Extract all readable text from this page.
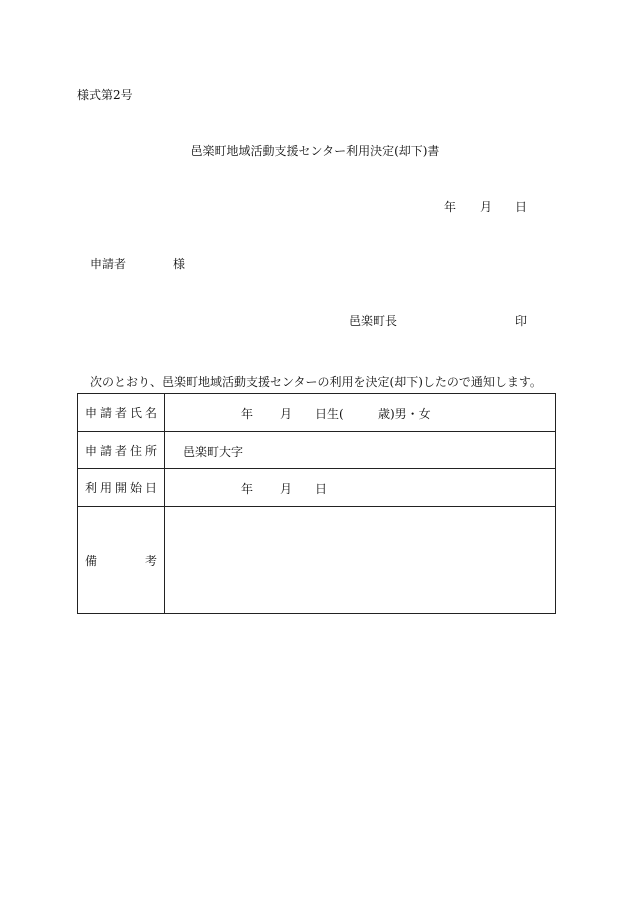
様式第2号
邑楽町地域活動支援センター利用決定(却下)書
年 月 日
申請者	様
邑楽町長	印
次のとおり、邑楽町地域活動支援センターの利用を決定(却下)したので通知します。
申 請 者 氏 名	年 月 日生( 歳)男・女

申 請 者 住 所	邑楽町大字

利 用 開 始 日	年 月 日

備 考	
